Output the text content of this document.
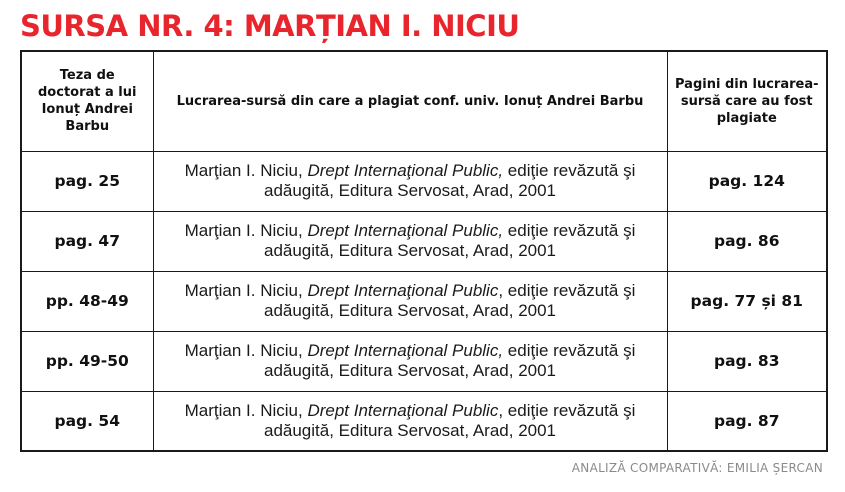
SURSA NR. 4: MARȚIAN I. NICIU
Teza de doctorat a lui Ionuț Andrei Barbu	Lucrarea-sursă din care a plagiat conf. univ. Ionuț Andrei Barbu	Pagini din lucrarea-sursă care au fost plagiate
pag. 25	Marţian I. Niciu, Drept Internaţional Public, ediţie revăzută şi adăugită, Editura Servosat, Arad, 2001	pag. 124
pag. 47	Marţian I. Niciu, Drept Internaţional Public, ediţie revăzută şi adăugită, Editura Servosat, Arad, 2001	pag. 86
pp. 48-49	Marţian I. Niciu, Drept Internaţional Public, ediţie revăzută şi adăugită, Editura Servosat, Arad, 2001	pag. 77 și 81
pp. 49-50	Marţian I. Niciu, Drept Internaţional Public, ediţie revăzută şi adăugită, Editura Servosat, Arad, 2001	pag. 83
pag. 54	Marţian I. Niciu, Drept Internaţional Public, ediţie revăzută şi adăugită, Editura Servosat, Arad, 2001	pag. 87
ANALIZĂ COMPARATIVĂ: EMILIA ȘERCAN
